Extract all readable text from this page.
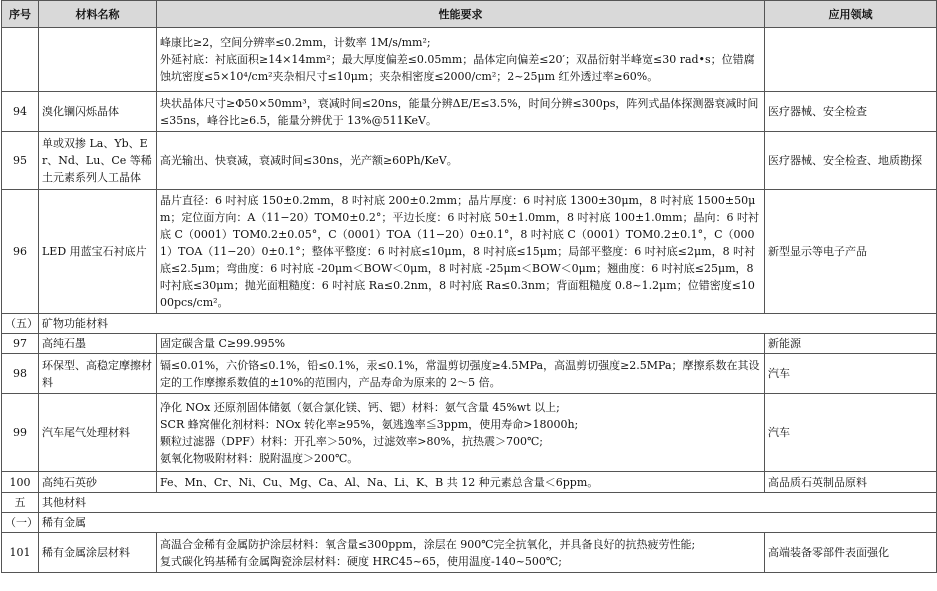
序号	材料名称	性能要求	应用领域

		峰康比≥2，空间分辨率≤0.2mm，计数率 1M/s/mm²;
外延衬底：衬底面积≥14×14mm²；最大厚度偏差≤0.05mm；晶体定向偏差≤20′；双晶衍射半峰宽≤30 rad•s；位错腐蚀坑密度≤5×10⁴/cm²夹杂相尺寸≤10μm；夹杂相密度≤2000/cm²；2~25μm 红外透过率≥60%。	

94	溴化镧闪烁晶体	块状晶体尺寸≥Φ50×50mm³，衰减时间≤20ns，能量分辨ΔE/E≤3.5%，时间分辨≤300ps，阵列式晶体探测器衰减时间≤35ns，峰谷比≥6.5，能量分辨优于 13%@511KeV。	医疗器械、安全检查
95	单或双掺 La、Yb、Er、Nd、Lu、Ce 等稀土元素系列人工晶体	高光输出、快衰减，衰减时间≤30ns，光产额≥60Ph/KeV。	医疗器械、安全检查、地质勘探
96	LED 用蓝宝石衬底片	晶片直径：6 吋衬底 150±0.2mm，8 吋衬底 200±0.2mm；晶片厚度：6 吋衬底 1300±30μm，8 吋衬底 1500±50μm；定位面方向：A（11−20）TOM0±0.2°；平边长度：6 吋衬底 50±1.0mm，8 吋衬底 100±1.0mm；晶向：6 吋衬底 C（0001）TOM0.2±0.05°，C（0001）TOA（11−20）0±0.1°，8 吋衬底 C（0001）TOM0.2±0.1°，C（0001）TOA（11−20）0±0.1°；整体平整度：6 吋衬底≤10μm，8 吋衬底≤15μm；局部平整度：6 吋衬底≤2μm，8 吋衬底≤2.5μm；弯曲度：6 吋衬底 -20μm＜BOW＜0μm，8 吋衬底 -25μm＜BOW＜0μm；翘曲度：6 吋衬底≤25μm，8 吋衬底≤30μm；抛光面粗糙度：6 吋衬底 Ra≤0.2nm，8 吋衬底 Ra≤0.3nm；背面粗糙度 0.8~1.2μm；位错密度≤1000pcs/cm²。	新型显示等电子产品
（五）	矿物功能材料		
97	高纯石墨	固定碳含量 C≥99.995%	新能源
98	环保型、高稳定摩擦材料	镉≤0.01%，六价铬≤0.1%，铅≤0.1%，汞≤0.1%，常温剪切强度≥4.5MPa，高温剪切强度≥2.5MPa；摩擦系数在其设定的工作摩擦系数值的±10%的范围内，产品寿命为原来的 2～5 倍。	汽车
99	汽车尾气处理材料	净化 NOx 还原剂固体储氨（氨合氯化镁、钙、锶）材料：氨气含量 45%wt 以上;
SCR 蜂窝催化剂材料：NOx 转化率≥95%，氨逃逸率≦3ppm，使用寿命>18000h;
颗粒过滤器（DPF）材料：开孔率＞50%，过滤效率>80%，抗热震＞700℃;
氨氧化物吸附材料：脱附温度＞200℃。	汽车
100	高纯石英砂	Fe、Mn、Cr、Ni、Cu、Mg、Ca、Al、Na、Li、K、B 共 12 种元素总含量＜6ppm。	高品质石英制品原料
五	其他材料		
（一）	稀有金属		
101	稀有金属涂层材料	高温合金稀有金属防护涂层材料：氧含量≤300ppm，涂层在 900℃完全抗氧化，并具备良好的抗热疲劳性能;
复式碳化钨基稀有金属陶瓷涂层材料：硬度 HRC45~65，使用温度-140~500℃;	高端装备零部件表面强化
